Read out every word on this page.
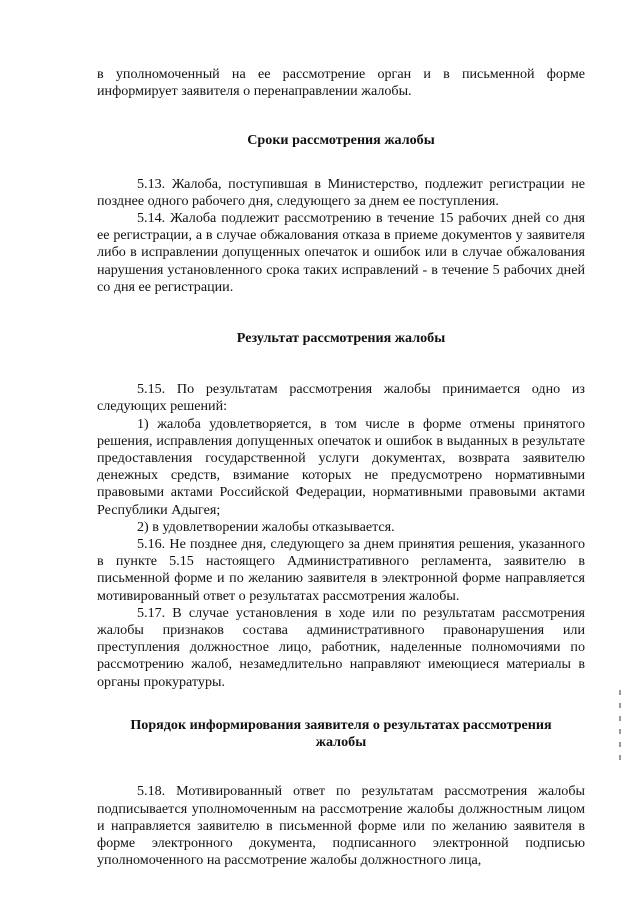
в уполномоченный на ее рассмотрение орган и в письменной форме информирует заявителя о перенаправлении жалобы.

Сроки рассмотрения жалобы

5.13. Жалоба, поступившая в Министерство, подлежит регистрации не позднее одного рабочего дня, следующего за днем ее поступления.

5.14. Жалоба подлежит рассмотрению в течение 15 рабочих дней со дня ее регистрации, а в случае обжалования отказа в приеме документов у заявителя либо в исправлении допущенных опечаток и ошибок или в случае обжалования нарушения установленного срока таких исправлений - в течение 5 рабочих дней со дня ее регистрации.

Результат рассмотрения жалобы

5.15. По результатам рассмотрения жалобы принимается одно из следующих решений:

1) жалоба удовлетворяется, в том числе в форме отмены принятого решения, исправления допущенных опечаток и ошибок в выданных в результате предоставления государственной услуги документах, возврата заявителю денежных средств, взимание которых не предусмотрено нормативными правовыми актами Российской Федерации, нормативными правовыми актами Республики Адыгея;

2) в удовлетворении жалобы отказывается.

5.16. Не позднее дня, следующего за днем принятия решения, указанного в пункте 5.15 настоящего Административного регламента, заявителю в письменной форме и по желанию заявителя в электронной форме направляется мотивированный ответ о результатах рассмотрения жалобы.

5.17. В случае установления в ходе или по результатам рассмотрения жалобы признаков состава административного правонарушения или преступления должностное лицо, работник, наделенные полномочиями по рассмотрению жалоб, незамедлительно направляют имеющиеся материалы в органы прокуратуры.

Порядок информирования заявителя о результатах рассмотрения
жалобы

5.18. Мотивированный ответ по результатам рассмотрения жалобы подписывается уполномоченным на рассмотрение жалобы должностным лицом и направляется заявителю в письменной форме или по желанию заявителя в форме электронного документа, подписанного электронной подписью уполномоченного на рассмотрение жалобы должностного лица,
